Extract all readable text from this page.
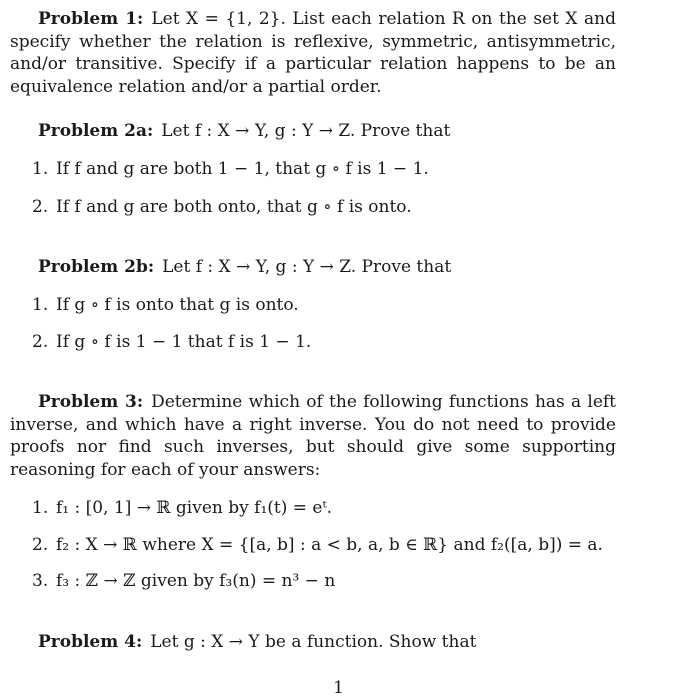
Problem 1: Let X = {1, 2}. List each relation R on the set X and specify whether the relation is reflexive, symmetric, antisymmetric, and/or transitive. Specify if a particular relation happens to be an equivalence relation and/or a partial order.

Problem 2a: Let f : X → Y, g : Y → Z. Prove that

1. If f and g are both 1 − 1, that g ∘ f is 1 − 1.

2. If f and g are both onto, that g ∘ f is onto.

Problem 2b: Let f : X → Y, g : Y → Z. Prove that

1. If g ∘ f is onto that g is onto.

2. If g ∘ f is 1 − 1 that f is 1 − 1.

Problem 3: Determine which of the following functions has a left inverse, and which have a right inverse. You do not need to provide proofs nor find such inverses, but should give some supporting reasoning for each of your answers:

1. f₁ : [0, 1] → ℝ given by f₁(t) = eᵗ.

2. f₂ : X → ℝ where X = {[a, b] : a < b, a, b ∈ ℝ} and f₂([a, b]) = a.

3. f₃ : ℤ → ℤ given by f₃(n) = n³ − n

Problem 4: Let g : X → Y be a function. Show that

1
